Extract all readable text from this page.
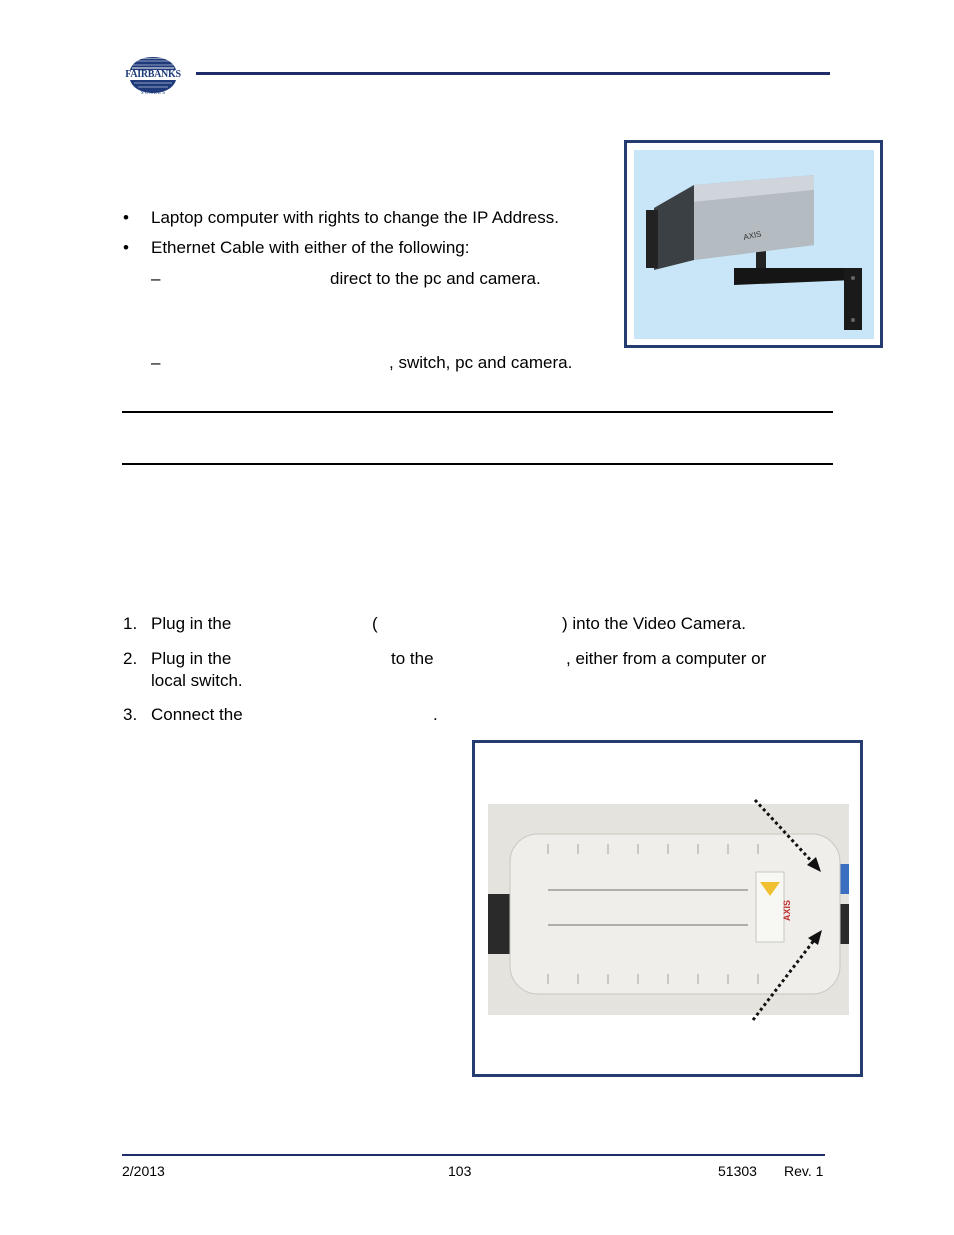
FAIRBANKS
S C A L E S
AXIS
• Laptop computer with rights to change the IP Address.
• Ethernet Cable with either of the following:
–	direct to the pc and camera.
–	, switch, pc and camera.
1. Plug in the	(	) into the Video Camera.
2. Plug in the	to the	, either from a computer or
local switch.
3. Connect the	.
AXIS
2/2013	103	51303 Rev. 1
